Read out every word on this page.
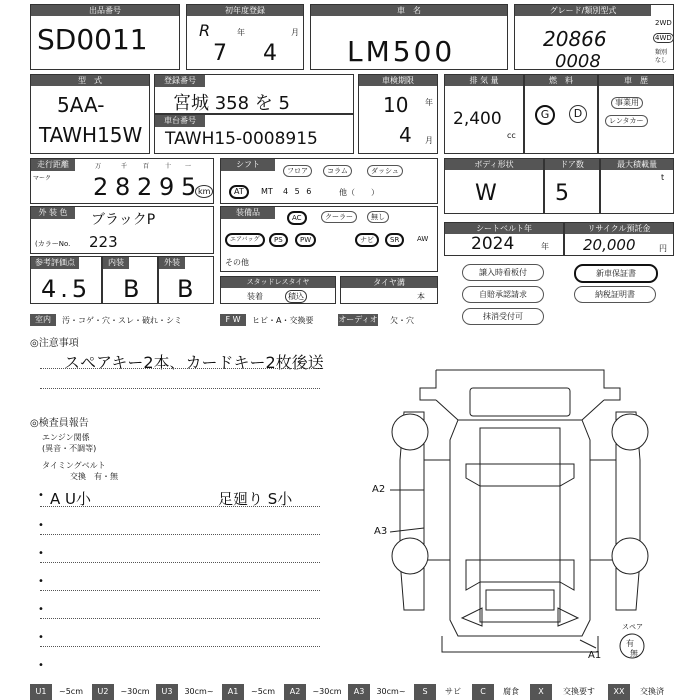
出品番号
SD0011
初年度登録
R	年	月
7 4
車　名
LM500
グレード/類別型式
20866
0008
2WD
4WD
類別なし
型　式
5AA-
TAWH15W
登録番号
宮城 358 を 5
車台番号
TAWH15-0008915
車検期限
10 年
4 月
排 気 量
2,400
cc
燃　料
G	D
車　歴
事業用
レンタカー
走行距離
マーク
万	千	百	十 一
2 8 2 9 5 km
シフト
フロア	コラム	ダッシュ
AT	MT 4 5 6	他（　　）
ボディ形状
W
ドア数
5
最大積載量
t
外 装 色	ブラックP
(カラーNo. 223
装備品
AC	クーラー	無し
エアバッグ	PS	PW	ナビ	SR	AW
その他
シートベルト年
2024	年
リサイクル預託金
20,000	円
参考評価点
4.5
内装
B
外装
B	スタッドレスタイヤ
装着	積込
タイヤ溝
本
譲入時看板付	新車保証書
自賠承認請求	納税証明書
抹消受付可
室内	汚・コゲ・穴・スレ・破れ・シミ	F W	ヒビ・A・交換要	オーディオ 欠・穴
◎注意事項
スペアキー2本、カードキー2枚後送
◎検査員報告
エンジン関係
(異音・不調等)
タイミングベルト
交換　有・無
• A U小	足廻り S小
•
•
•
•
•
•
A2
A3
A1
スペア
有
無
U1	~5cm	U2	~30cm	U3	30cm~	A1	~5cm	A2	~30cm	A3	30cm~	S	サビ	C	腐食	X	交換要す	XX	交換済
